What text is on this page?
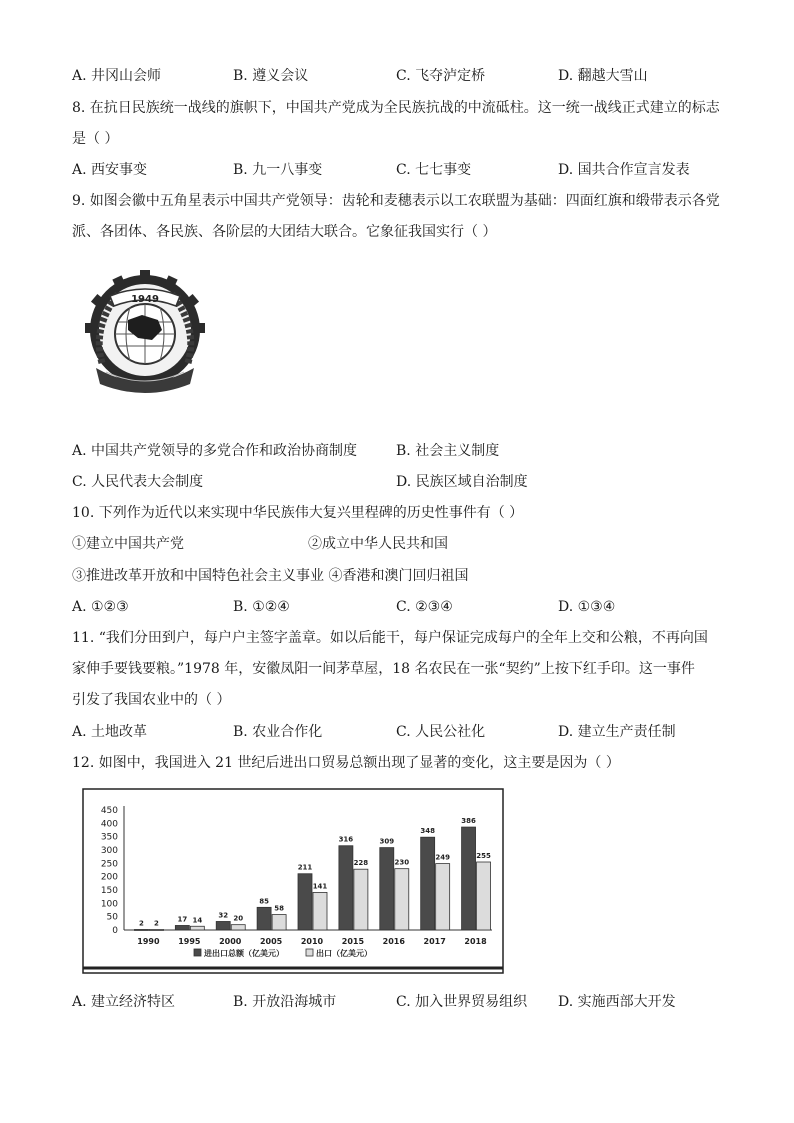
A. 井冈山会师	B. 遵义会议	C. 飞夺泸定桥	D. 翻越大雪山
8. 在抗日民族统一战线的旗帜下，中国共产党成为全民族抗战的中流砥柱。这一统一战线正式建立的标志
是（ ）
A. 西安事变	B. 九一八事变	C. 七七事变	D. 国共合作宣言发表
9. 如图会徽中五角星表示中国共产党领导：齿轮和麦穗表示以工农联盟为基础：四面红旗和缎带表示各党
派、各团体、各民族、各阶层的大团结大联合。它象征我国实行（ ）
1949
A. 中国共产党领导的多党合作和政治协商制度	B. 社会主义制度
C. 人民代表大会制度	D. 民族区域自治制度
10. 下列作为近代以来实现中华民族伟大复兴里程碑的历史性事件有（ ）
①建立中国共产党	②成立中华人民共和国
③推进改革开放和中国特色社会主义事业 ④香港和澳门回归祖国
A. ①②③	B. ①②④	C. ②③④	D. ①③④
11. “我们分田到户，每户户主签字盖章。如以后能干，每户保证完成每户的全年上交和公粮，不再向国
家伸手要钱要粮。”1978 年，安徽凤阳一间茅草屋，18 名农民在一张“契约”上按下红手印。这一事件
引发了我国农业中的（ ）
A. 土地改革	B. 农业合作化	C. 人民公社化	D. 建立生产责任制
12. 如图中，我国进入 21 世纪后进出口贸易总额出现了显著的变化，这主要是因为（ ）
450
400
350
300
250
200
150
100
50
0
1990
2 2
1995
17 14
2000
32 20
2005
85
58
2010
211
141
2015
316
228
2016
309
230
2017
348
249
2018
386
255
进出口总额（亿美元）	出口（亿美元）
A. 建立经济特区	B. 开放沿海城市	C. 加入世界贸易组织 D. 实施西部大开发
